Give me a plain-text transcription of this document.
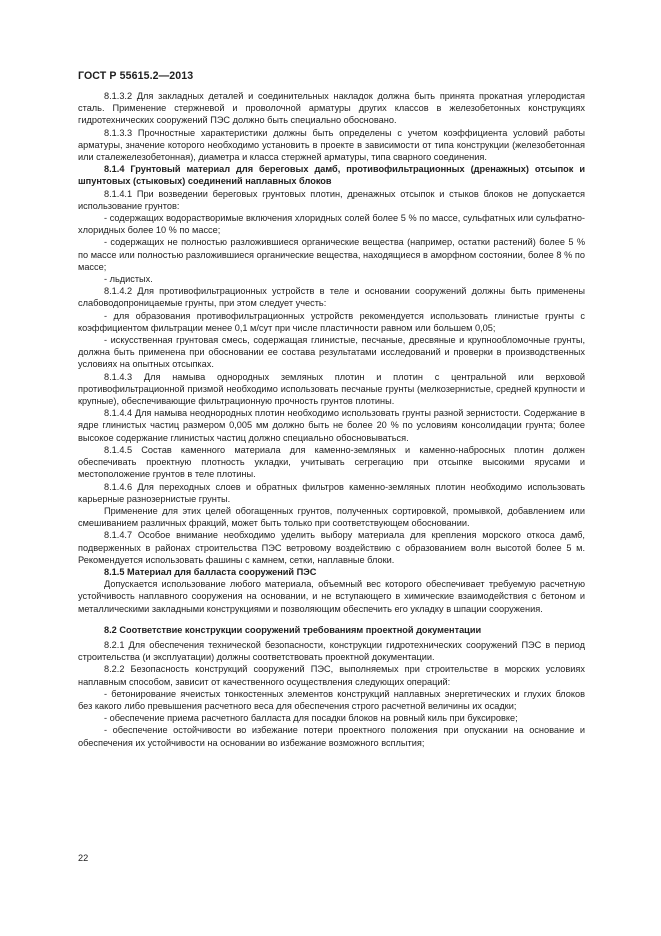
ГОСТ Р 55615.2—2013

8.1.3.2 Для закладных деталей и соединительных накладок должна быть принята прокатная углеродистая сталь. Применение стержневой и проволочной арматуры других классов в железобетонных конструкциях гидротехнических сооружений ПЭС должно быть специально обосновано.

8.1.3.3 Прочностные характеристики должны быть определены с учетом коэффициента условий работы арматуры, значение которого необходимо установить в проекте в зависимости от типа конструкции (железобетонная или сталежелезобетонная), диаметра и класса стержней арматуры, типа сварного соединения.

8.1.4 Грунтовый материал для береговых дамб, противофильтрационных (дренажных) отсыпок и шпунтовых (стыковых) соединений наплавных блоков

8.1.4.1 При возведении береговых грунтовых плотин, дренажных отсыпок и стыков блоков не допускается использование грунтов:

- содержащих водорастворимые включения хлоридных солей более 5 % по массе, сульфатных или сульфатно-хлоридных более 10 % по массе;

- содержащих не полностью разложившиеся органические вещества (например, остатки растений) более 5 % по массе или полностью разложившиеся органические вещества, находящиеся в аморфном состоянии, более 8 % по массе;

- льдистых.

8.1.4.2 Для противофильтрационных устройств в теле и основании сооружений должны быть применены слабоводопроницаемые грунты, при этом следует учесть:

- для образования противофильтрационных устройств рекомендуется использовать глинистые грунты с коэффициентом фильтрации менее 0,1 м/сут при числе пластичности равном или большем 0,05;

- искусственная грунтовая смесь, содержащая глинистые, песчаные, дресвяные и крупнообломочные грунты, должна быть применена при обосновании ее состава результатами исследований и проверки в производственных условиях на опытных отсыпках.

8.1.4.3 Для намыва однородных земляных плотин и плотин с центральной или верховой противофильтрационной призмой необходимо использовать песчаные грунты (мелкозернистые, средней крупности и крупные), обеспечивающие фильтрационную прочность грунтов плотины.

8.1.4.4 Для намыва неоднородных плотин необходимо использовать грунты разной зернистости. Содержание в ядре глинистых частиц размером 0,005 мм должно быть не более 20 % по условиям консолидации грунта; более высокое содержание глинистых частиц должно специально обосновываться.

8.1.4.5 Состав каменного материала для каменно-земляных и каменно-набросных плотин должен обеспечивать проектную плотность укладки, учитывать сегрегацию при отсыпке высокими ярусами и местоположение грунтов в теле плотины.

8.1.4.6 Для переходных слоев и обратных фильтров каменно-земляных плотин необходимо использовать карьерные разнозернистые грунты.

Применение для этих целей обогащенных грунтов, полученных сортировкой, промывкой, добавлением или смешиванием различных фракций, может быть только при соответствующем обосновании.

8.1.4.7 Особое внимание необходимо уделить выбору материала для крепления морского откоса дамб, подверженных в районах строительства ПЭС ветровому воздействию с образованием волн высотой более 5 м. Рекомендуется использовать фашины с камнем, сетки, наплавные блоки.

8.1.5 Материал для балласта сооружений ПЭС

Допускается использование любого материала, объемный вес которого обеспечивает требуемую расчетную устойчивость наплавного сооружения на основании, и не вступающего в химические взаимодействия с бетоном и металлическими закладными конструкциями и позволяющим обеспечить его укладку в шпации сооружения.

8.2 Соответствие конструкции сооружений требованиям проектной документации

8.2.1 Для обеспечения технической безопасности, конструкции гидротехнических сооружений ПЭС в период строительства (и эксплуатации) должны соответствовать проектной документации.

8.2.2 Безопасность конструкций сооружений ПЭС, выполняемых при строительстве в морских условиях наплавным способом, зависит от качественного осуществления следующих операций:

- бетонирование ячеистых тонкостенных элементов конструкций наплавных энергетических и глухих блоков без какого либо превышения расчетного веса для обеспечения строго расчетной величины их осадки;

- обеспечение приема расчетного балласта для посадки блоков на ровный киль при буксировке;

- обеспечение остойчивости во избежание потери проектного положения при опускании на основание и обеспечения их устойчивости на основании во избежание возможного всплытия;

22
